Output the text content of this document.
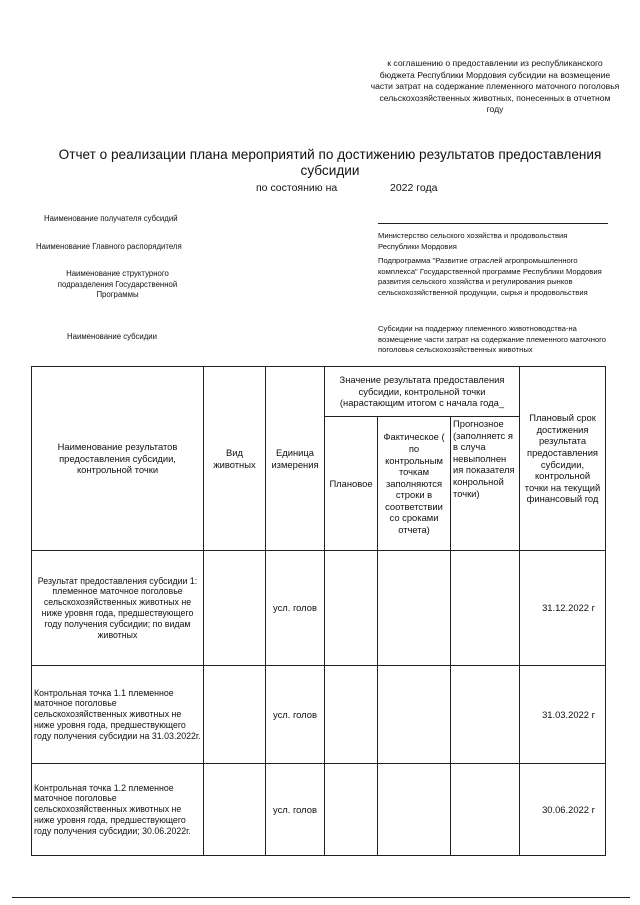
к соглашению о предоставлении из республиканского бюджета Республики Мордовия субсидии на возмещение части затрат на содержание племенного маточного поголовья сельскохозяйственных животных, понесенных в отчетном году
Отчет о реализации плана мероприятий по достижению результатов предоставления субсидии
по состоянию на	2022 года
Наименование получателя субсидий
Наименование Главного распорядителя
Министерство сельского хозяйства и продовольствия Республики Мордовия
Наименование структурного подразделения Государственной Программы
Подпрограмма "Развитие отраслей агропромышленного комплекса" Государственной программе Республики Мордовия развития сельского хозяйства и регулирования рынков сельскохозяйственной продукции, сырья и продовольствия
Наименование субсидии
Субсидии на поддержку племенного животноводства-на возмещение части затрат на содержание племенного маточного поголовья сельскохозяйственных животных
Наименование результатов предоставления субсидии, контрольной точки	Вид животных	Единица измерения	Значение результата предоставления субсидии, контрольной точки (нарастающим итогом с начала года_			Плановый срок достижения результата предоставления субсидии, контрольной точки на текущий финансовый год
			Плановое	Фактическое ( по контрольным точкам заполняются строки в соответствии со сроками отчета)	Прогнозное (заполняетс я в случа невыполнен ия показателя конрольной точки)	
Результат предоставления субсидии 1: племенное маточное поголовье сельскохозяйственных животных не ниже уровня года, предшествующего году получения субсидии; по видам животных		усл. голов				31.12.2022 г
Контрольная точка 1.1 племенное маточное поголовье сельскохозяйственных животных не ниже уровня года, предшествующего году получения субсидии на 31.03.2022г.		усл. голов				31.03.2022 г
Контрольная точка 1.2 племенное маточное поголовье сельскохозяйственных животных не ниже уровня года, предшествующего году получения субсидии; 30.06.2022г.		усл. голов				30.06.2022 г
